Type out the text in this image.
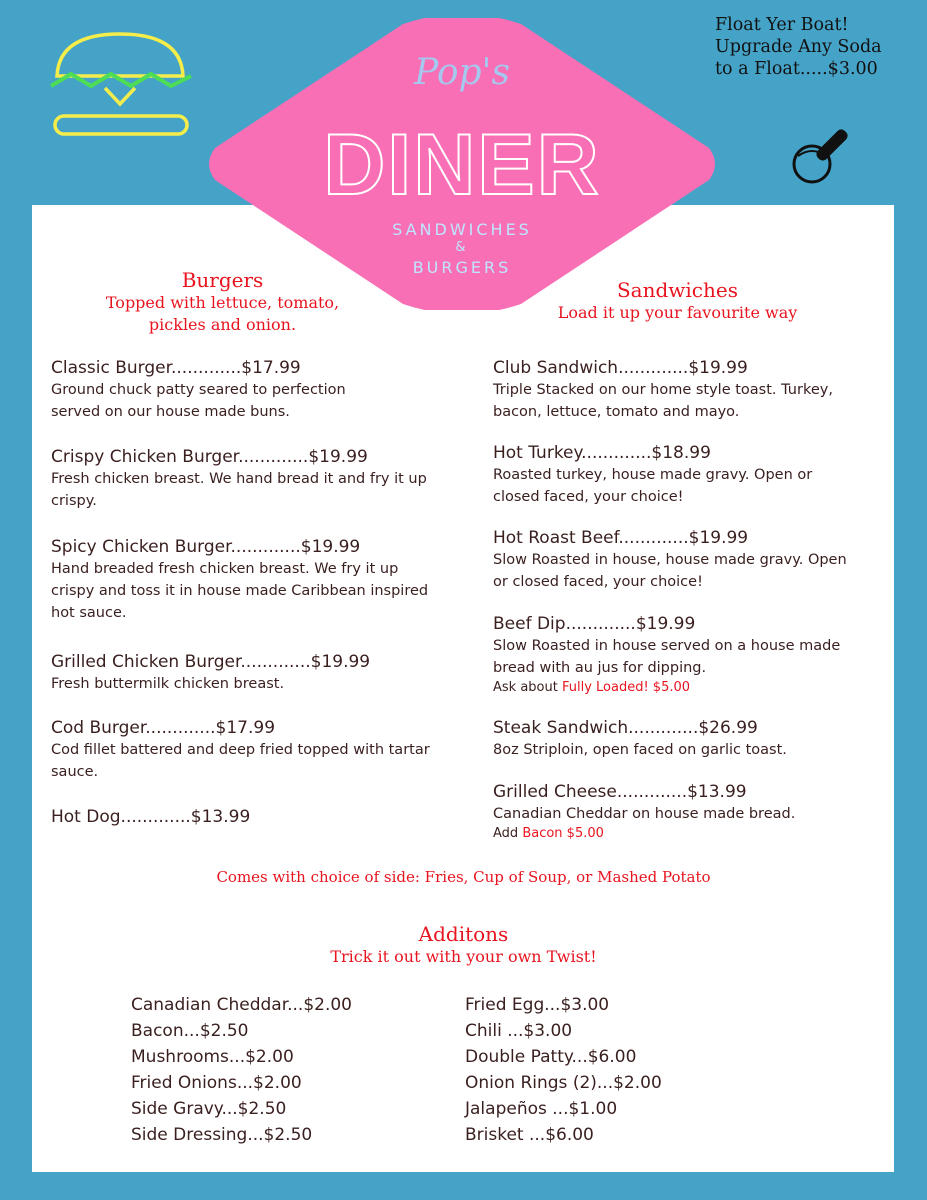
Float Yer Boat!
Upgrade Any Soda
to a Float.....$3.00
Pop's
DINER
SANDWICHES
&
BURGERS
Burgers
Topped with lettuce, tomato,
pickles and onion.
Sandwiches
Load it up your favourite way
Classic Burger.............$17.99
Ground chuck patty seared to perfection
served on our house made buns.
Crispy Chicken Burger.............$19.99
Fresh chicken breast. We hand bread it and fry it up
crispy.
Spicy Chicken Burger.............$19.99
Hand breaded fresh chicken breast. We fry it up
crispy and toss it in house made Caribbean inspired
hot sauce.
Grilled Chicken Burger.............$19.99
Fresh buttermilk chicken breast.
Cod Burger.............$17.99
Cod fillet battered and deep fried topped with tartar
sauce.
Hot Dog.............$13.99
Club Sandwich.............$19.99
Triple Stacked on our home style toast. Turkey,
bacon, lettuce, tomato and mayo.
Hot Turkey.............$18.99
Roasted turkey, house made gravy. Open or
closed faced, your choice!
Hot Roast Beef.............$19.99
Slow Roasted in house, house made gravy. Open
or closed faced, your choice!
Beef Dip.............$19.99
Slow Roasted in house served on a house made
bread with au jus for dipping.
Ask about Fully Loaded! $5.00
Steak Sandwich.............$26.99
8oz Striploin, open faced on garlic toast.
Grilled Cheese.............$13.99
Canadian Cheddar on house made bread.
Add Bacon $5.00
Comes with choice of side: Fries, Cup of Soup, or Mashed Potato
Additons
Trick it out with your own Twist!
Canadian Cheddar...$2.00
Bacon...$2.50
Mushrooms...$2.00
Fried Onions...$2.00
Side Gravy...$2.50
Side Dressing...$2.50
Fried Egg...$3.00
Chili ...$3.00
Double Patty...$6.00
Onion Rings (2)...$2.00
Jalapeños ...$1.00
Brisket ...$6.00
